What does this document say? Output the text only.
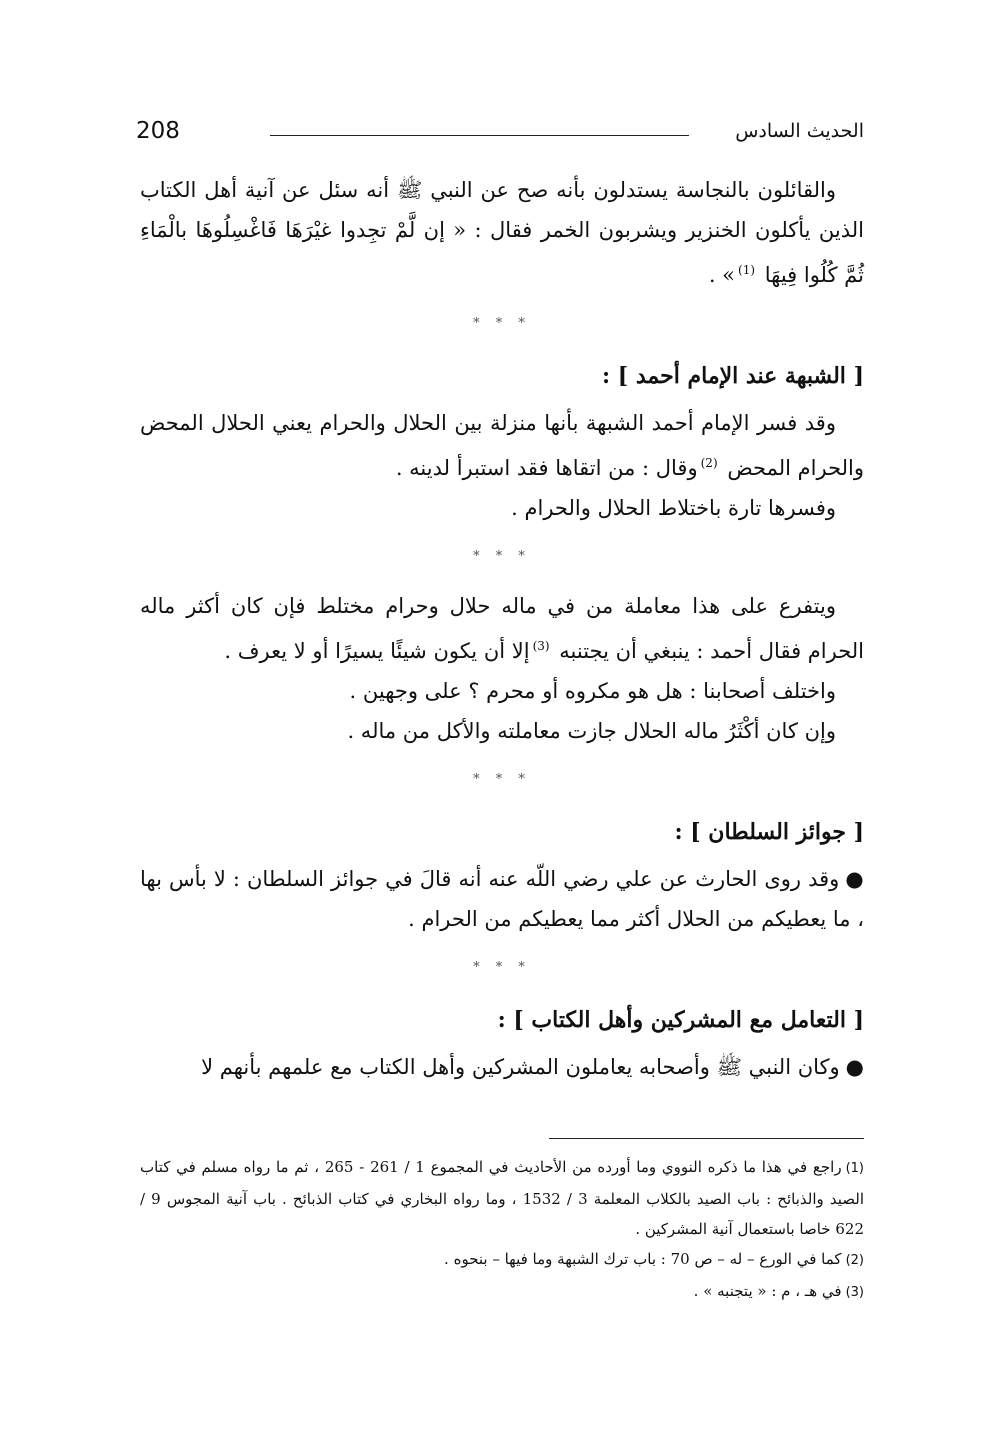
208	الحديث السادس

والقائلون بالنجاسة يستدلون بأنه صح عن النبي ﷺ أنه سئل عن آنية أهل الكتاب الذين يأكلون الخنزير ويشربون الخمر فقال : « إن لَّمْ تجِدوا غيْرَهَا فَاغْسِلُوهَا بالْمَاءِ ثُمَّ كُلُوا فِيهَا $^{(1)}$» .

* * *
[ الشبهة عند الإمام أحمد ] :

وقد فسر الإمام أحمد الشبهة بأنها منزلة بين الحلال والحرام يعني الحلال المحض والحرام المحض $^{(2)}$وقال : من اتقاها فقد استبرأ لدينه .

وفسرها تارة باختلاط الحلال والحرام .

* * *

ويتفرع على هذا معاملة من في ماله حلال وحرام مختلط فإن كان أكثر ماله الحرام فقال أحمد : ينبغي أن يجتنبه $^{(3)}$إلا أن يكون شيئًا يسيرًا أو لا يعرف .

واختلف أصحابنا : هل هو مكروه أو محرم ؟ على وجهين .

وإن كان أكْثَرُ ماله الحلال جازت معاملته والأكل من ماله .

* * *
[ جوائز السلطان ] :

●وقد روى الحارث عن علي رضي اللّه عنه أنه قالَ في جوائز السلطان : لا بأس بها ، ما يعطيكم من الحلال أكثر مما يعطيكم من الحرام .

* * *
[ التعامل مع المشركين وأهل الكتاب ] :

●وكان النبي ﷺ وأصحابه يعاملون المشركين وأهل الكتاب مع علمهم بأنهم لا

(1)راجع في هذا ما ذكره النووي وما أورده من الأحاديث في المجموع 1 / 261 - 265 ، ثم ما رواه مسلم في كتاب الصيد والذبائح : باب الصيد بالكلاب المعلمة 3 / 1532 ، وما رواه البخاري في كتاب الذبائح . باب آنية المجوس 9 / 622 خاصا باستعمال آنية المشركين .

(2)كما في الورع – له – ص 70 : باب ترك الشبهة وما فيها – بنحوه .

(3)في هـ ، م : « يتجنبه » .
